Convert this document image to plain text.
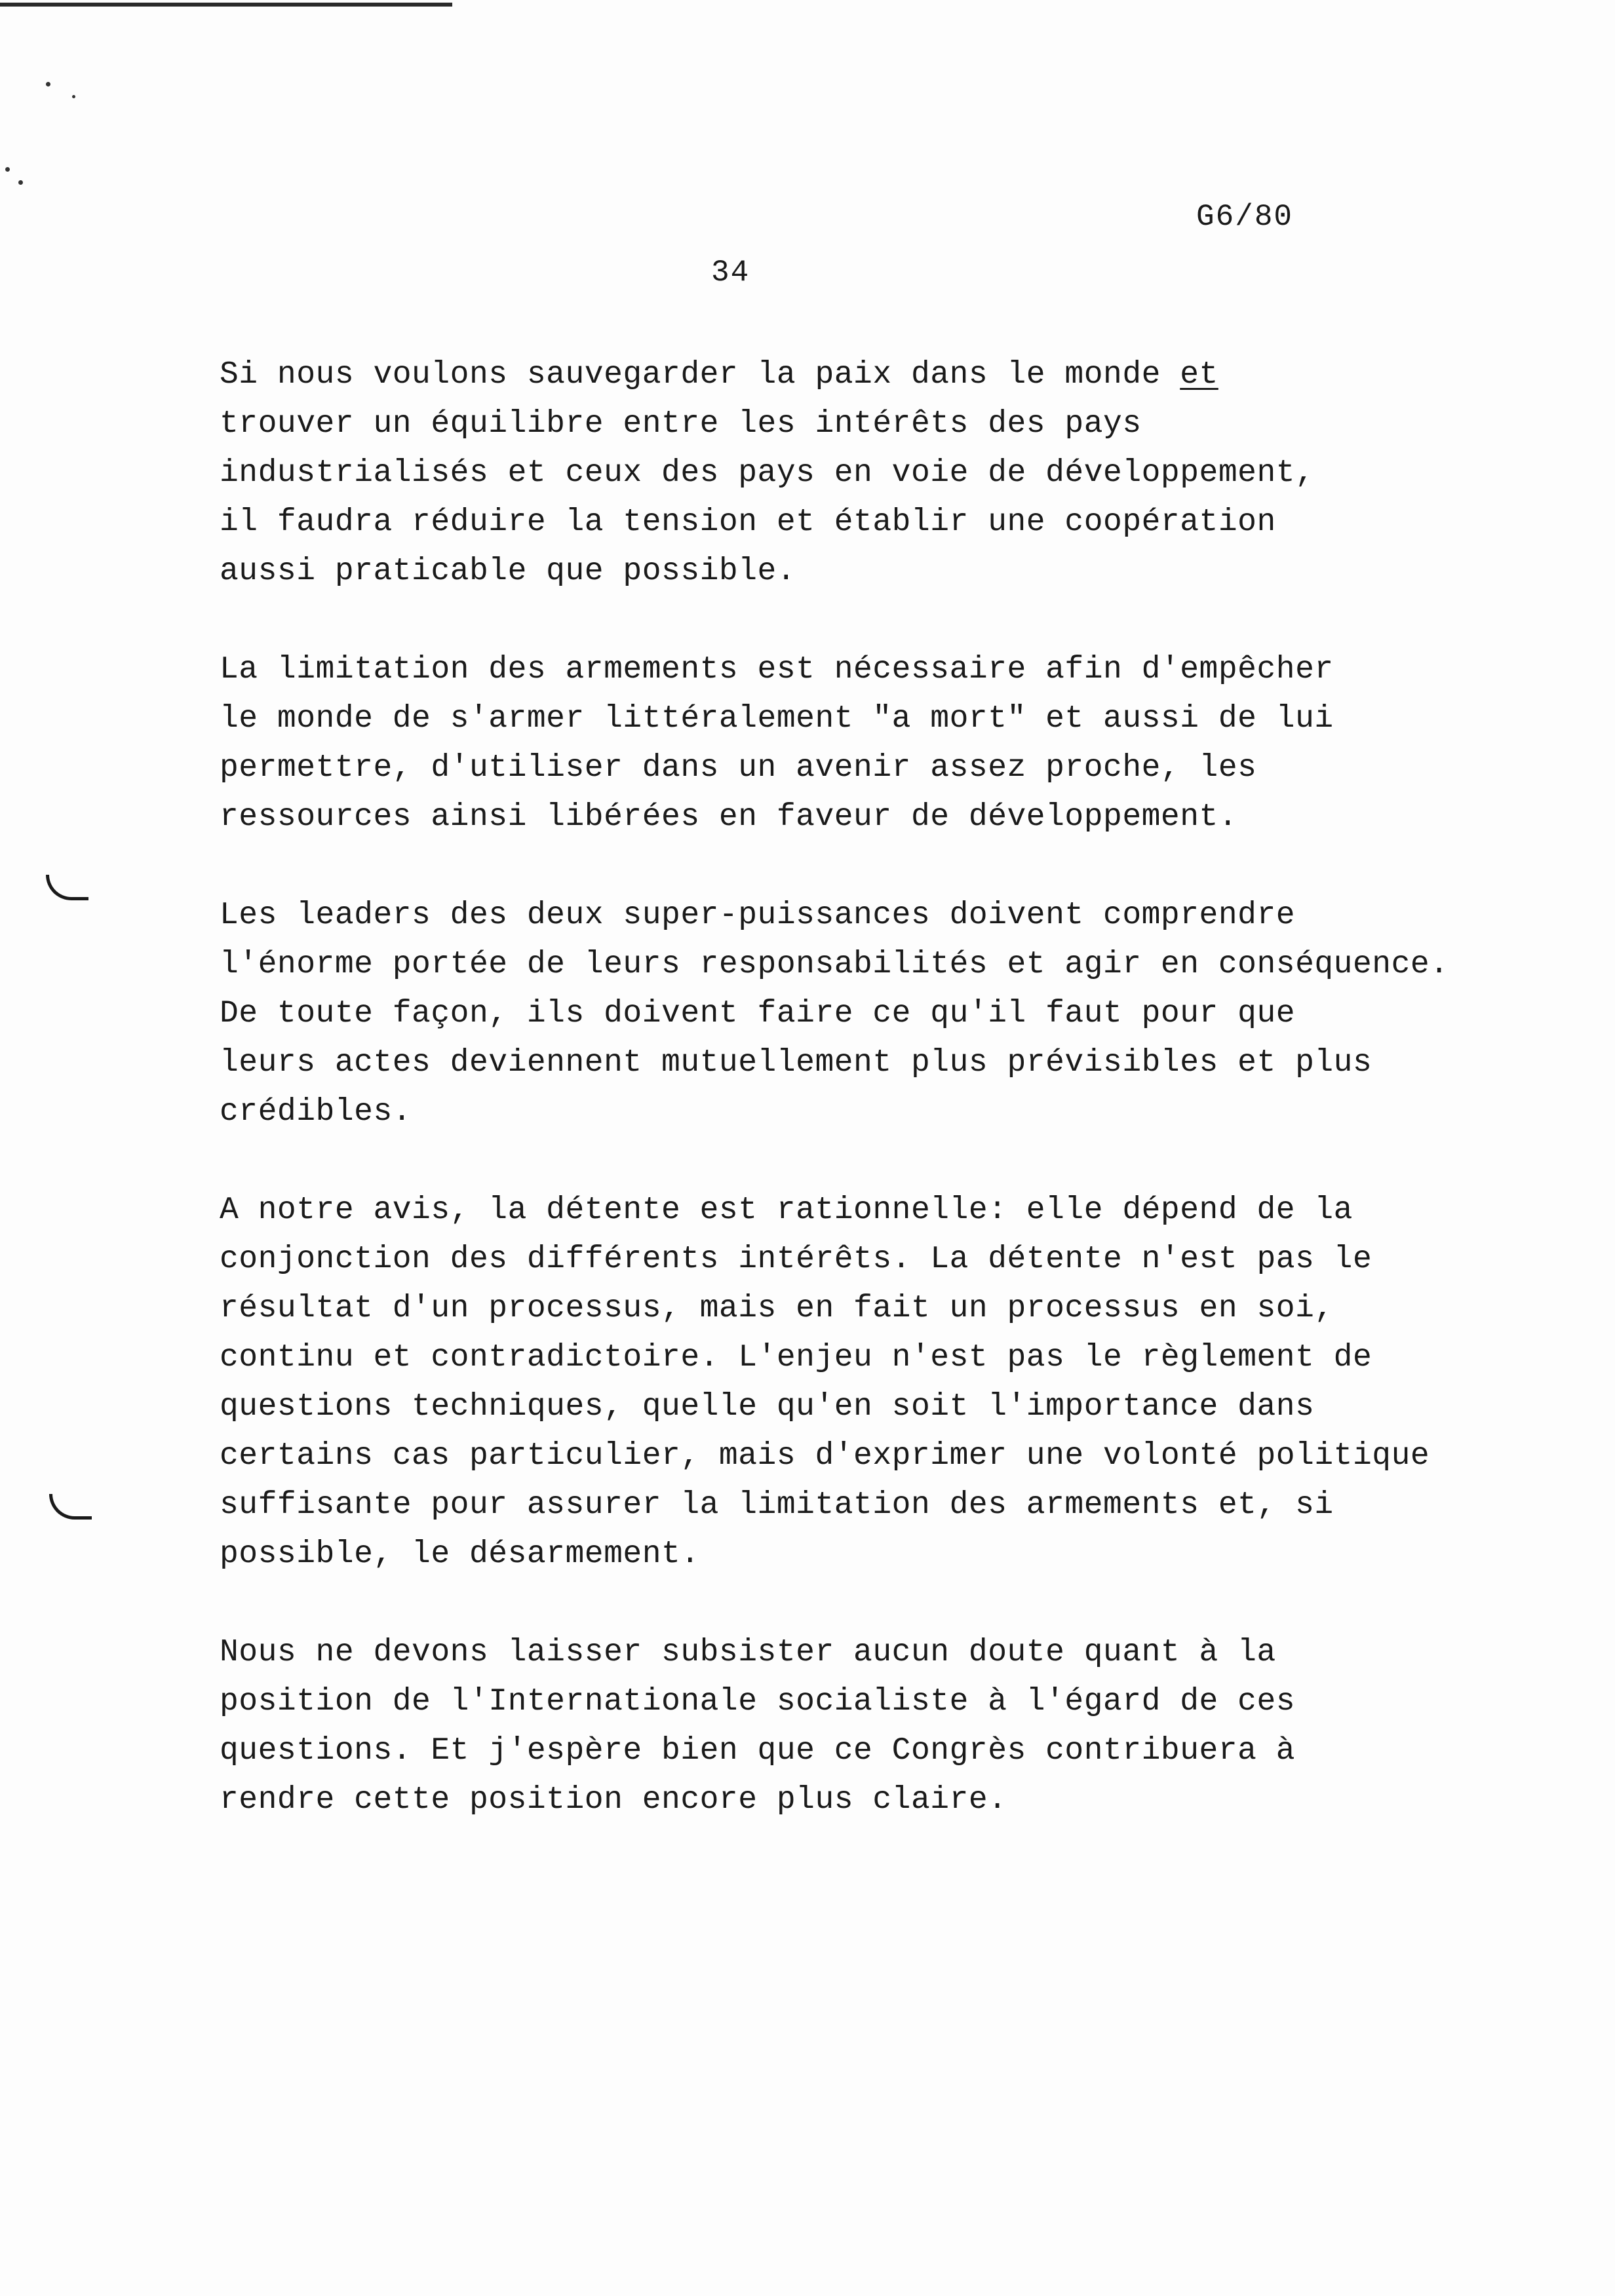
G6/80
34
Si nous voulons sauvegarder la paix dans le monde et
trouver un équilibre entre les intérêts des pays
industrialisés et ceux des pays en voie de développement,
il faudra réduire la tension et établir une coopération
aussi praticable que possible.
La limitation des armements est nécessaire afin d'empêcher
le monde de s'armer littéralement "a mort" et aussi de lui
permettre, d'utiliser dans un avenir assez proche, les
ressources ainsi libérées en faveur de développement.
Les leaders des deux super-puissances doivent comprendre
l'énorme portée de leurs responsabilités et agir en conséquence.
De toute façon, ils doivent faire ce qu'il faut pour que
leurs actes deviennent mutuellement plus prévisibles et plus
crédibles.
A notre avis, la détente est rationnelle: elle dépend de la
conjonction des différents intérêts. La détente n'est pas le
résultat d'un processus, mais en fait un processus en soi,
continu et contradictoire. L'enjeu n'est pas le règlement de
questions techniques, quelle qu'en soit l'importance dans
certains cas particulier, mais d'exprimer une volonté politique
suffisante pour assurer la limitation des armements et, si
possible, le désarmement.
Nous ne devons laisser subsister aucun doute quant à la
position de l'Internationale socialiste à l'égard de ces
questions. Et j'espère bien que ce Congrès contribuera à
rendre cette position encore plus claire.
